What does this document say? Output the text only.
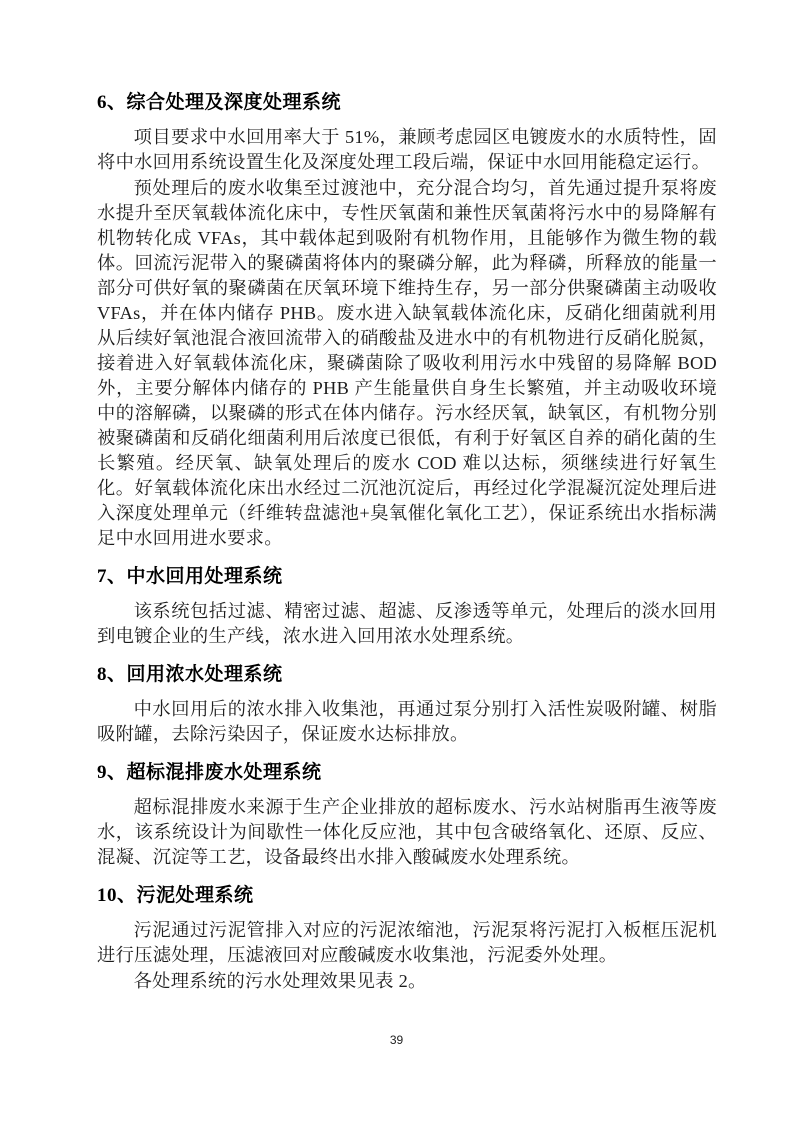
6、综合处理及深度处理系统

项目要求中水回用率大于 51%，兼顾考虑园区电镀废水的水质特性，固将中水回用系统设置生化及深度处理工段后端，保证中水回用能稳定运行。

预处理后的废水收集至过渡池中，充分混合均匀，首先通过提升泵将废水提升至厌氧载体流化床中，专性厌氧菌和兼性厌氧菌将污水中的易降解有机物转化成 VFAs，其中载体起到吸附有机物作用，且能够作为微生物的载体。回流污泥带入的聚磷菌将体内的聚磷分解，此为释磷，所释放的能量一部分可供好氧的聚磷菌在厌氧环境下维持生存，另一部分供聚磷菌主动吸收 VFAs，并在体内储存 PHB。废水进入缺氧载体流化床，反硝化细菌就利用从后续好氧池混合液回流带入的硝酸盐及进水中的有机物进行反硝化脱氮，接着进入好氧载体流化床，聚磷菌除了吸收利用污水中残留的易降解 BOD 外，主要分解体内储存的 PHB 产生能量供自身生长繁殖，并主动吸收环境中的溶解磷，以聚磷的形式在体内储存。污水经厌氧，缺氧区，有机物分别被聚磷菌和反硝化细菌利用后浓度已很低，有利于好氧区自养的硝化菌的生长繁殖。经厌氧、缺氧处理后的废水 COD 难以达标，须继续进行好氧生化。好氧载体流化床出水经过二沉池沉淀后，再经过化学混凝沉淀处理后进入深度处理单元（纤维转盘滤池+臭氧催化氧化工艺），保证系统出水指标满足中水回用进水要求。

7、中水回用处理系统

该系统包括过滤、精密过滤、超滤、反渗透等单元，处理后的淡水回用到电镀企业的生产线，浓水进入回用浓水处理系统。

8、回用浓水处理系统

中水回用后的浓水排入收集池，再通过泵分别打入活性炭吸附罐、树脂吸附罐，去除污染因子，保证废水达标排放。

9、超标混排废水处理系统

超标混排废水来源于生产企业排放的超标废水、污水站树脂再生液等废水，该系统设计为间歇性一体化反应池，其中包含破络氧化、还原、反应、混凝、沉淀等工艺，设备最终出水排入酸碱废水处理系统。

10、污泥处理系统

污泥通过污泥管排入对应的污泥浓缩池，污泥泵将污泥打入板框压泥机进行压滤处理，压滤液回对应酸碱废水收集池，污泥委外处理。

各处理系统的污水处理效果见表 2。

39
